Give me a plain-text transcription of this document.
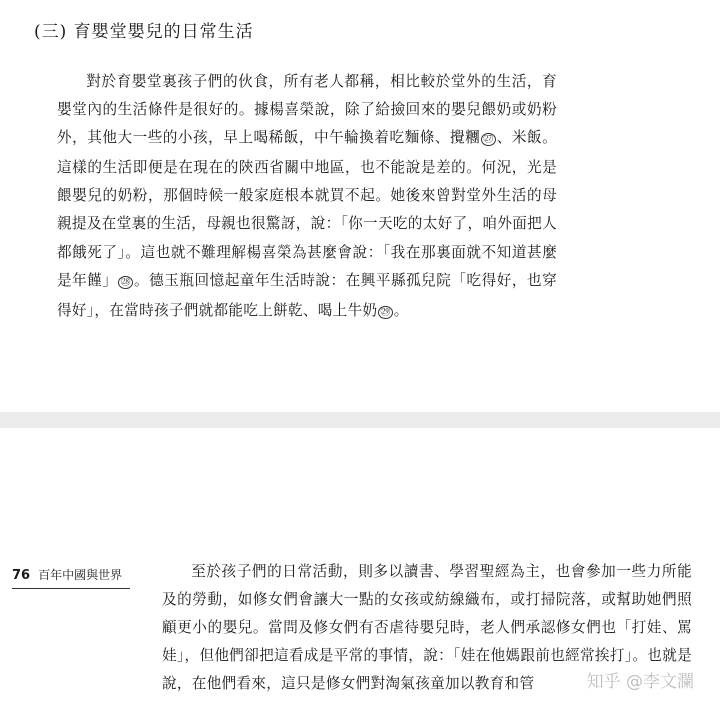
(三) 育嬰堂嬰兒的日常生活

對於育嬰堂裏孩子們的伙食，所有老人都稱，相比較於堂外的生活，育嬰堂內的生活條件是很好的。據楊喜榮說，除了給撿回來的嬰兒餵奶或奶粉外，其他大一些的小孩，早上喝稀飯，中午輪換着吃麵條、攪糰 ㉗ 、米飯。這樣的生活即便是在現在的陝西省關中地區，也不能說是差的。何況，光是餵嬰兒的奶粉，那個時候一般家庭根本就買不起。她後來曾對堂外生活的母親提及在堂裏的生活，母親也很驚訝，說：「你一天吃的太好了，咱外面把人都餓死了」。這也就不難理解楊喜榮為甚麼會說：「我在那裏面就不知道甚麼是年饉」 ㉘ 。德玉瓶回憶起童年生活時說：在興平縣孤兒院「吃得好，也穿得好」，在當時孩子們就都能吃上餅乾、喝上牛奶 ㉙ 。

76 百年中國與世界	至於孩子們的日常活動，則多以讀書、學習聖經為主，也會參加一些力所能及的勞動，如修女們會讓大一點的女孩或紡線織布，或打掃院落，或幫助她們照顧更小的嬰兒。當問及修女們有否虐待嬰兒時，老人們承認修女們也「打娃、罵娃」，但他們卻把這看成是平常的事情，說：「娃在他媽跟前也經常挨打」。也就是說，在他們看來，這只是修女們對淘氣孩童加以教育和管	知乎 @李文瀾
